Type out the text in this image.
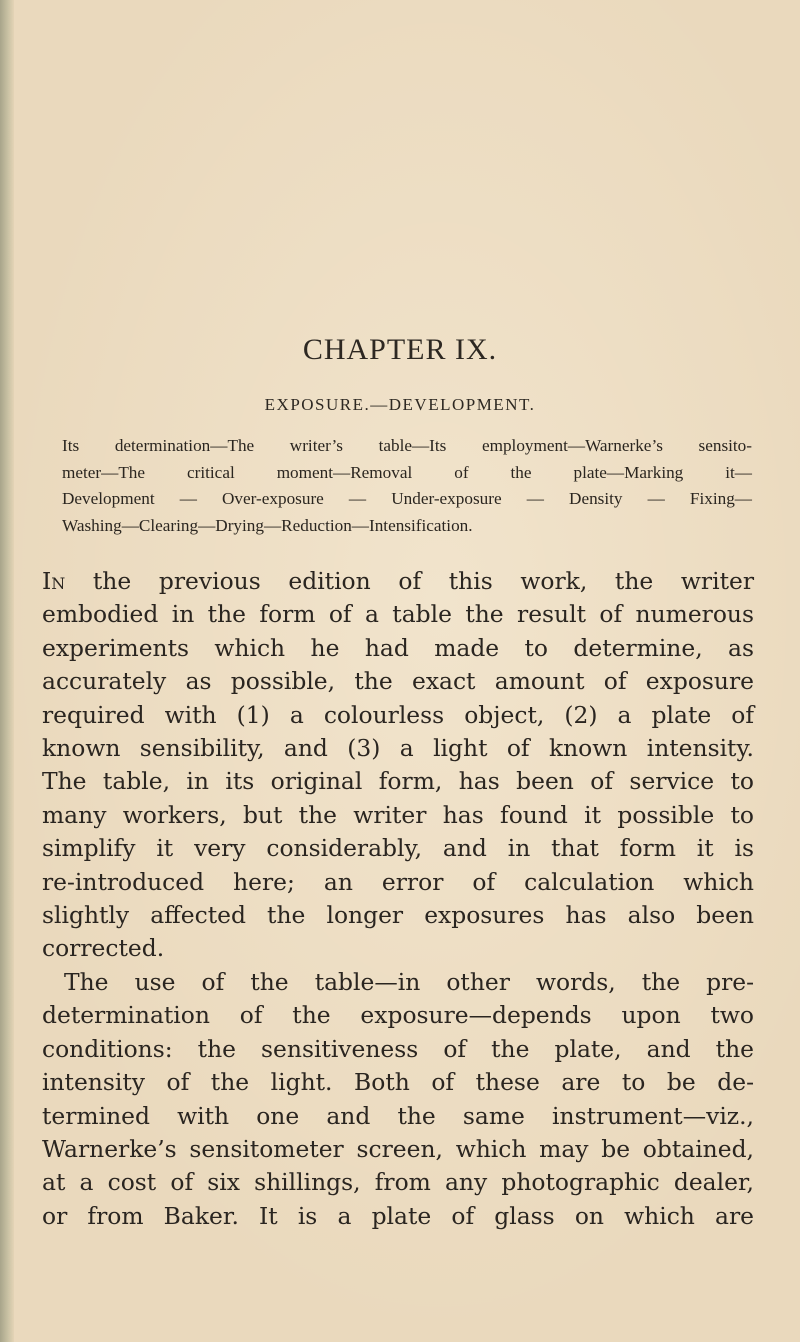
CHAPTER IX.
EXPOSURE.—DEVELOPMENT.
Its determination—The writer’s table—Its employment—Warnerke’s sensito-
meter—The critical moment—Removal of the plate—Marking it—
Development — Over-exposure — Under-exposure — Density — Fixing—
Washing—Clearing—Drying—Reduction—Intensification.
In the previous edition of this work, the writer
embodied in the form of a table the result of numerous
experiments which he had made to determine, as
accurately as possible, the exact amount of exposure
required with (1) a colourless object, (2) a plate of
known sensibility, and (3) a light of known intensity.
The table, in its original form, has been of service to
many workers, but the writer has found it possible to
simplify it very considerably, and in that form it is
re-introduced here; an error of calculation which
slightly affected the longer exposures has also been
corrected.
The use of the table—in other words, the pre-
determination of the exposure—depends upon two
conditions: the sensitiveness of the plate, and the
intensity of the light. Both of these are to be de-
termined with one and the same instrument—viz.,
Warnerke’s sensitometer screen, which may be obtained,
at a cost of six shillings, from any photographic dealer,
or from Baker. It is a plate of glass on which are
